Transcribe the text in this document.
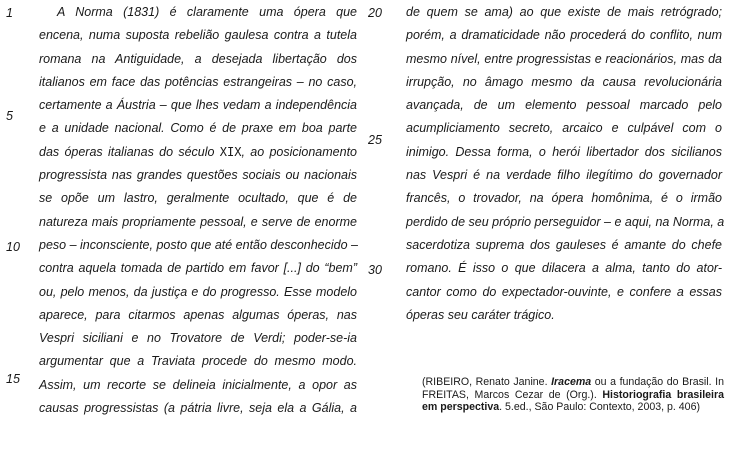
1
5
10
15
20
25
30
A Norma (1831) é claramente uma ópera que
encena, numa suposta rebelião gaulesa contra a tutela
romana na Antiguidade, a desejada libertação dos
italianos em face das potências estrangeiras – no caso,
certamente a Áustria – que lhes vedam a independência
e a unidade nacional. Como é de praxe em boa parte
das óperas italianas do século XIX, ao posicionamento
progressista nas grandes questões sociais ou nacionais
se opõe um lastro, geralmente ocultado, que é de
natureza mais propriamente pessoal, e serve de enorme
peso – inconsciente, posto que até então desconhecido –
contra aquela tomada de partido em favor [...] do “bem”
ou, pelo menos, da justiça e do progresso. Esse modelo
aparece, para citarmos apenas algumas óperas, nas
Vespri siciliani e no Trovatore de Verdi; poder-se-ia
argumentar que a Traviata procede do mesmo modo.
Assim, um recorte se delineia inicialmente, a opor as
causas progressistas (a pátria livre, seja ela a Gália, a
de quem se ama) ao que existe de mais retrógrado;
porém, a dramaticidade não procederá do conflito, num
mesmo nível, entre progressistas e reacionários, mas da
irrupção, no âmago mesmo da causa revolucionária
avançada, de um elemento pessoal marcado pelo
acumpliciamento secreto, arcaico e culpável com o
inimigo. Dessa forma, o herói libertador dos sicilianos
nas Vespri é na verdade filho ilegítimo do governador
francês, o trovador, na ópera homônima, é o irmão
perdido de seu próprio perseguidor – e aqui, na Norma, a
sacerdotiza suprema dos gauleses é amante do chefe
romano. É isso o que dilacera a alma, tanto do ator-
cantor como do expectador-ouvinte, e confere a essas
óperas seu caráter trágico.
(RIBEIRO, Renato Janine. Iracema ou a fundação do Brasil. In FREITAS, Marcos Cezar de (Org.). Historiografia brasileira em perspectiva. 5.ed., São Paulo: Contexto, 2003, p. 406)
